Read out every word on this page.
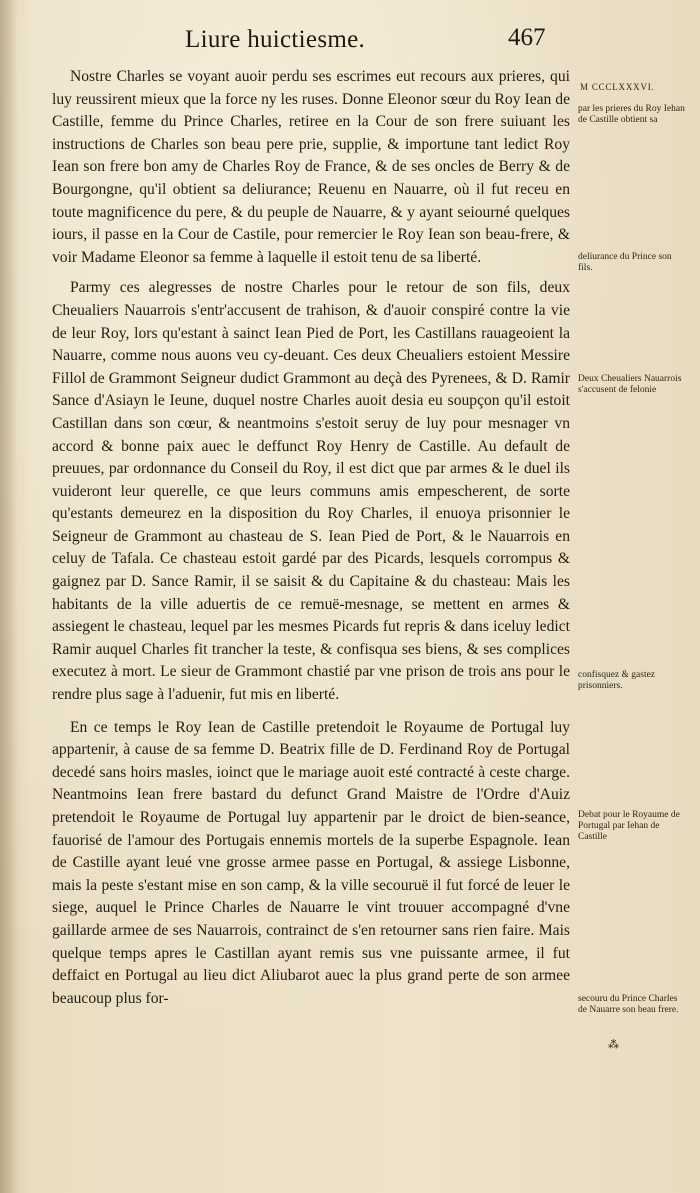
Liure huictiesme.	467
M CCCLXXXVI.

Nostre Charles se voyant auoir perdu ses escrimes eut recours aux prieres, qui luy reussirent mieux que la force ny les ruses. Donne Eleonor sœur du Roy Iean de Castille, femme du Prince Charles, retiree en la Cour de son frere suiuant les instructions de Charles son beau pere prie, supplie, & importune tant ledict Roy Iean son frere bon amy de Charles Roy de France, & de ses oncles de Berry & de Bourgongne, qu'il obtient sa deliurance; Reuenu en Nauarre, où il fut receu en toute magnificence du pere, & du peuple de Nauarre, & y ayant seiourné quelques iours, il passe en la Cour de Castile, pour remercier le Roy Iean son beau-frere, & voir Madame Eleonor sa femme à laquelle il estoit tenu de sa liberté.

Parmy ces alegresses de nostre Charles pour le retour de son fils, deux Cheualiers Nauarrois s'entr'accusent de trahison, & d'auoir conspiré contre la vie de leur Roy, lors qu'estant à sainct Iean Pied de Port, les Castillans rauageoient la Nauarre, comme nous auons veu cy-deuant. Ces deux Cheualiers estoient Messire Fillol de Grammont Seigneur dudict Grammont au deçà des Pyrenees, & D. Ramir Sance d'Asiayn le Ieune, duquel nostre Charles auoit desia eu soupçon qu'il estoit Castillan dans son cœur, & neantmoins s'estoit seruy de luy pour mesnager vn accord & bonne paix auec le deffunct Roy Henry de Castille. Au default de preuues, par ordonnance du Conseil du Roy, il est dict que par armes & le duel ils vuideront leur querelle, ce que leurs communs amis empescherent, de sorte qu'estants demeurez en la disposition du Roy Charles, il enuoya prisonnier le Seigneur de Grammont au chasteau de S. Iean Pied de Port, & le Nauarrois en celuy de Tafala. Ce chasteau estoit gardé par des Picards, lesquels corrompus & gaignez par D. Sance Ramir, il se saisit & du Capitaine & du chasteau: Mais les habitants de la ville aduertis de ce remuë-mesnage, se mettent en armes & assiegent le chasteau, lequel par les mesmes Picards fut repris & dans iceluy ledict Ramir auquel Charles fit trancher la teste, & confisqua ses biens, & ses complices executez à mort. Le sieur de Grammont chastié par vne prison de trois ans pour le rendre plus sage à l'aduenir, fut mis en liberté.

En ce temps le Roy Iean de Castille pretendoit le Royaume de Portugal luy appartenir, à cause de sa femme D. Beatrix fille de D. Ferdinand Roy de Portugal decedé sans hoirs masles, ioinct que le mariage auoit esté contracté à ceste charge. Neantmoins Iean frere bastard du defunct Grand Maistre de l'Ordre d'Auiz pretendoit le Royaume de Portugal luy appartenir par le droict de bien-seance, fauorisé de l'amour des Portugais ennemis mortels de la superbe Espagnole. Iean de Castille ayant leué vne grosse armee passe en Portugal, & assiege Lisbonne, mais la peste s'estant mise en son camp, & la ville secouruë il fut forcé de leuer le siege, auquel le Prince Charles de Nauarre le vint trouuer accompagné d'vne gaillarde armee de ses Nauarrois, contrainct de s'en retourner sans rien faire. Mais quelque temps apres le Castillan ayant remis sus vne puissante armee, il fut deffaict en Portugal au lieu dict Aliubarot auec la plus grand perte de son armee beaucoup plus for-

par les prieres du Roy Iehan de Castille obtient sa
deliurance du Prince son fils.
Deux Cheualiers Nauarrois s'accusent de felonie
confisquez & gastez prisonniers.
Debat pour le Royaume de Portugal par Iehan de Castille
secouru du Prince Charles de Nauarre son beau frere.
⁂
